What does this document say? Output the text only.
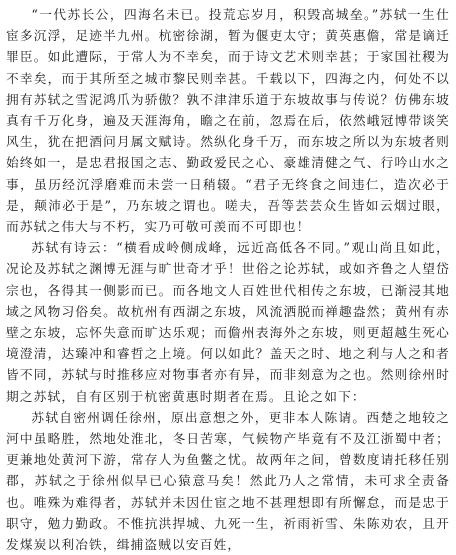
“一代苏长公，四海名未已。投荒忘岁月，积毁高城垒。”苏轼一生仕宦多沉浮，足迹半九州。杭密徐湖，暂为偃吏太守；黄英惠儋，常是谪迁罪臣。如此遭际，于常人为不幸矣，而于诗文艺术则幸甚；于家国社稷为不幸矣，而于其所至之城市黎民则幸甚。千载以下，四海之内，何处不以拥有苏轼之雪泥鸿爪为骄傲？孰不津津乐道于东坡故事与传说？仿佛东坡真有千万化身，遍及天涯海角，瞻之在前，忽焉在后，依然峨冠博带谈笑风生，犹在把酒问月属文赋诗。然纵化身千万，而东坡之所以为东坡者则始终如一，是忠君报国之志、勤政爱民之心、豪雄清健之气、行吟山水之事，虽历经沉浮磨难而未尝一日稍辍。“君子无终食之间违仁，造次必于是，颠沛必于是”，乃东坡之谓也。嗟夫，吾等芸芸众生皆如云烟过眼，而苏轼之伟大与不朽，实乃可敬可羡而不可即也！

苏轼有诗云：“横看成岭侧成峰，远近高低各不同。”观山尚且如此，况论及苏轼之渊博无涯与旷世奇才乎！世俗之论苏轼，或如齐鲁之人望岱宗也，各得其一侧影而已。而各地文人百姓世代相传之东坡，已渐浸其地域之风物习俗矣。故杭州有西湖之东坡，风流洒脱而禅趣盎然；黄州有赤壁之东坡，忘怀失意而旷达乐观；而儋州表海外之东坡，则更超越生死心境澄清，达臻冲和睿哲之上境。何以如此？盖天之时、地之利与人之和者皆不同，苏轼与时推移应对物事者亦有异，而非刻意为之也。然则徐州时期之苏轼，自有区别于杭密黄惠时期者在焉。且论之如下：

苏轼自密州调任徐州，原出意想之外，更非本人陈请。西楚之地较之河中虽略胜，然地处淮北，冬日苦寒，气候物产毕竟有不及江浙蜀中者；更兼地处黄河下游，常存人为鱼鳖之忧。故两年之间，曾数度请托移任别郡，苏轼之于徐州似早已心猿意马矣！然此乃人之常情，未可求全责备也。唯殊为难得者，苏轼并未因仕宦之地不甚理想即有所懈怠，而是忠于职守，勉力勤政。不惟抗洪捍城、九死一生，祈雨祈雪、朱陈劝农，且开发煤炭以利冶铁，缉捕盗贼以安百姓，
